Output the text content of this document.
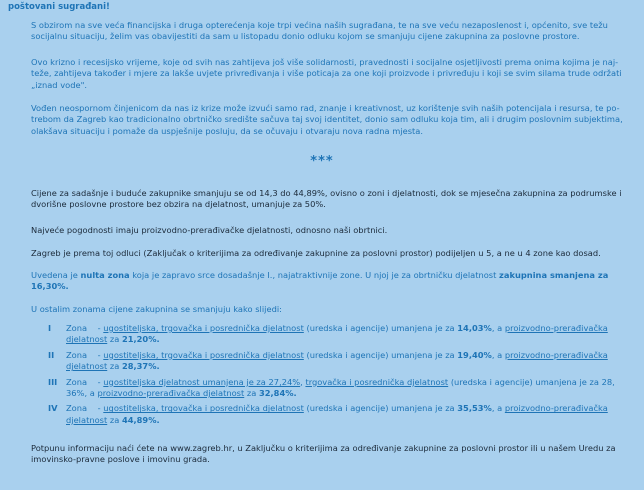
poštovani sugrađani!

S obzirom na sve veća financijska i druga opterećenja koje trpi većina naših sugrađana, te na sve veću nezaposlenost i, općenito, sve težu socijalnu situaciju, želim vas obavijestiti da sam u listopadu donio odluku kojom se smanjuju cijene zakupnina za poslovne prostore.

Ovo krizno i recesijsko vrijeme, koje od svih nas zahtijeva još više solidarnosti, pravednosti i socijalne osjetljivosti prema onima kojima je naj-teže, zahtijeva također i mjere za lakše uvjete privređivanja i više poticaja za one koji proizvode i privređuju i koji se svim silama trude održati „iznad vode".

Vođen neospornom činjenicom da nas iz krize može izvući samo rad, znanje i kreativnost, uz korištenje svih naših potencijala i resursa, te po-trebom da Zagreb kao tradicionalno obrtničko središte sačuva taj svoj identitet, donio sam odluku koja tim, ali i drugim poslovnim subjektima, olakšava situaciju i pomaže da uspješnije posluju, da se očuvaju i otvaraju nova radna mjesta.

***

Cijene za sadašnje i buduće zakupnike smanjuju se od 14,3 do 44,89%, ovisno o zoni i djelatnosti, dok se mjesečna zakupnina za podrumske i dvorišne poslovne prostore bez obzira na djelatnost, umanjuje za 50%.

Najveće pogodnosti imaju proizvodno-prerađivačke djelatnosti, odnosno naši obrtnici.

Zagreb je prema toj odluci (Zaključak o kriterijima za određivanje zakupnine za poslovni prostor) podijeljen u 5, a ne u 4 zone kao dosad.

Uvedena je nulta zona koja je zapravo srce dosadašnje I., najatraktivnije zone. U njoj je za obrtničku djelatnost zakupnina smanjena za 16,30%.

U ostalim zonama cijene zakupnina se smanjuju kako slijedi:

I	Zona    - ugostiteljska, trgovačka i posrednička djelatnost (uredska i agencije) umanjena je za 14,03%, a proizvodno-prerađivačka djelatnost za 21,20%.
II	Zona    - ugostiteljska, trgovačka i posrednička djelatnost (uredska i agencije) umanjena je za 19,40%, a proizvodno-prerađivačka djelatnost za 28,37%.
III	Zona    - ugostiteljska djelatnost umanjena je za 27,24%, trgovačka i posrednička djelatnost (uredska i agencije) umanjena je za 28, 36%, a proizvodno-prerađivačka djelatnost za 32,84%.
IV	Zona    - ugostiteljska, trgovačka i posrednička djelatnost (uredska i agencije) umanjena je za 35,53%, a proizvodno-prerađivačka djelatnost za 44,89%.

Potpunu informaciju naći ćete na www.zagreb.hr, u Zaključku o kriterijima za određivanje zakupnine za poslovni prostor ili u našem Uredu za imovinsko-pravne poslove i imovinu grada.
